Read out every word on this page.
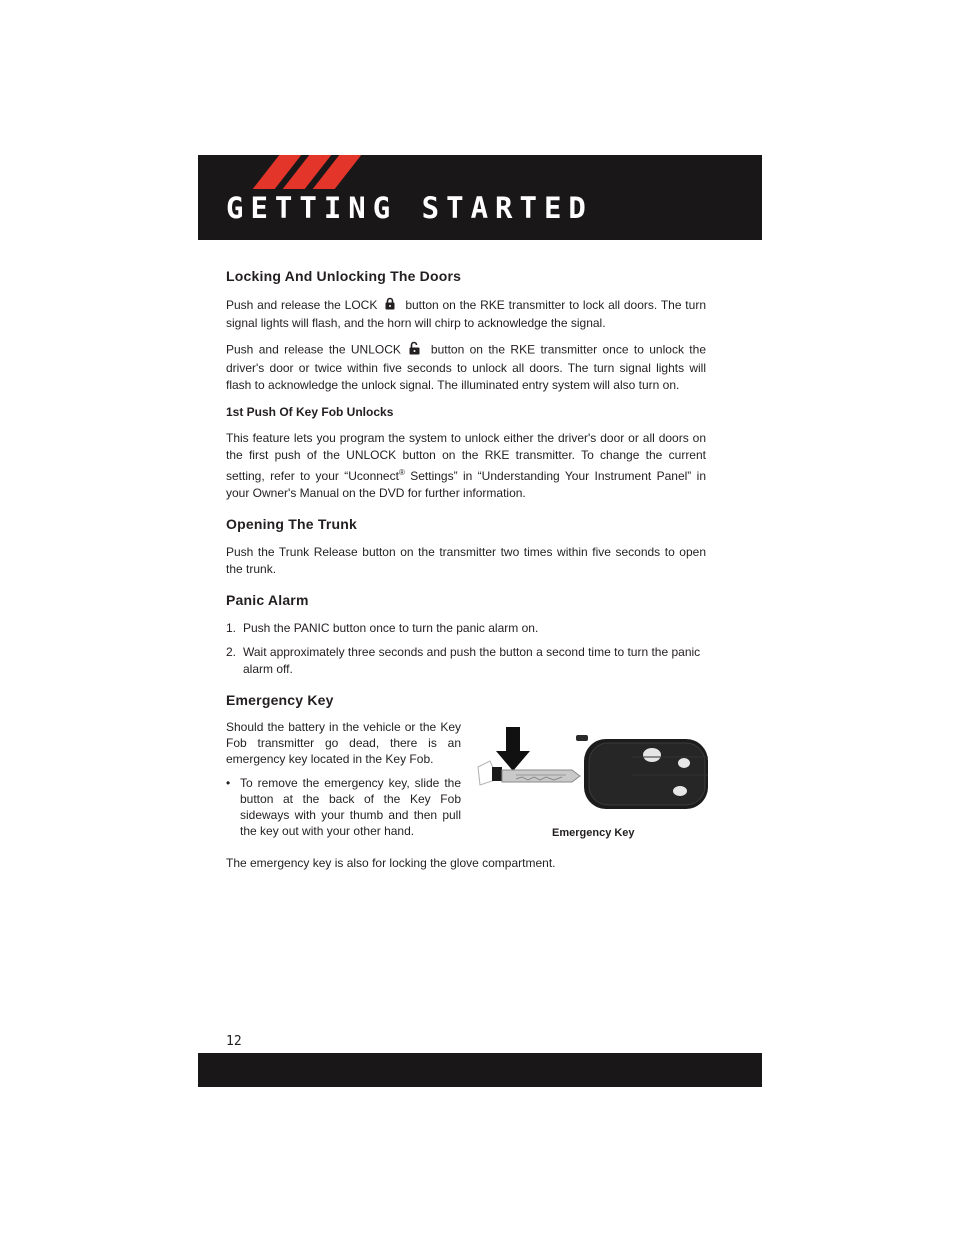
GETTING STARTED
Locking And Unlocking The Doors

Push and release the LOCK button on the RKE transmitter to lock all doors. The turn signal lights will flash, and the horn will chirp to acknowledge the signal.

Push and release the UNLOCK	button on the RKE transmitter once to unlock the driver's door or twice within five seconds to unlock all doors. The turn signal lights will flash to acknowledge the unlock signal. The illuminated entry system will also turn on.

1st Push Of Key Fob Unlocks

This feature lets you program the system to unlock either the driver's door or all doors on the first push of the UNLOCK button on the RKE transmitter. To change the current setting, refer to your “Uconnect® Settings” in “Understanding Your Instrument Panel” in your Owner's Manual on the DVD for further information.

Opening The Trunk

Push the Trunk Release button on the transmitter two times within five seconds to open the trunk.

Panic Alarm
1. Push the PANIC button once to turn the panic alarm on.
2. Wait approximately three seconds and push the button a second time to turn the panic alarm off.
Emergency Key

Should the battery in the vehicle or the Key Fob transmitter go dead, there is an emergency key located in the Key Fob.

• To remove the emergency key, slide the button at the back of the Key Fob sideways with your thumb and then pull the key out with your other hand.	Emergency Key

The emergency key is also for locking the glove compartment.

12
